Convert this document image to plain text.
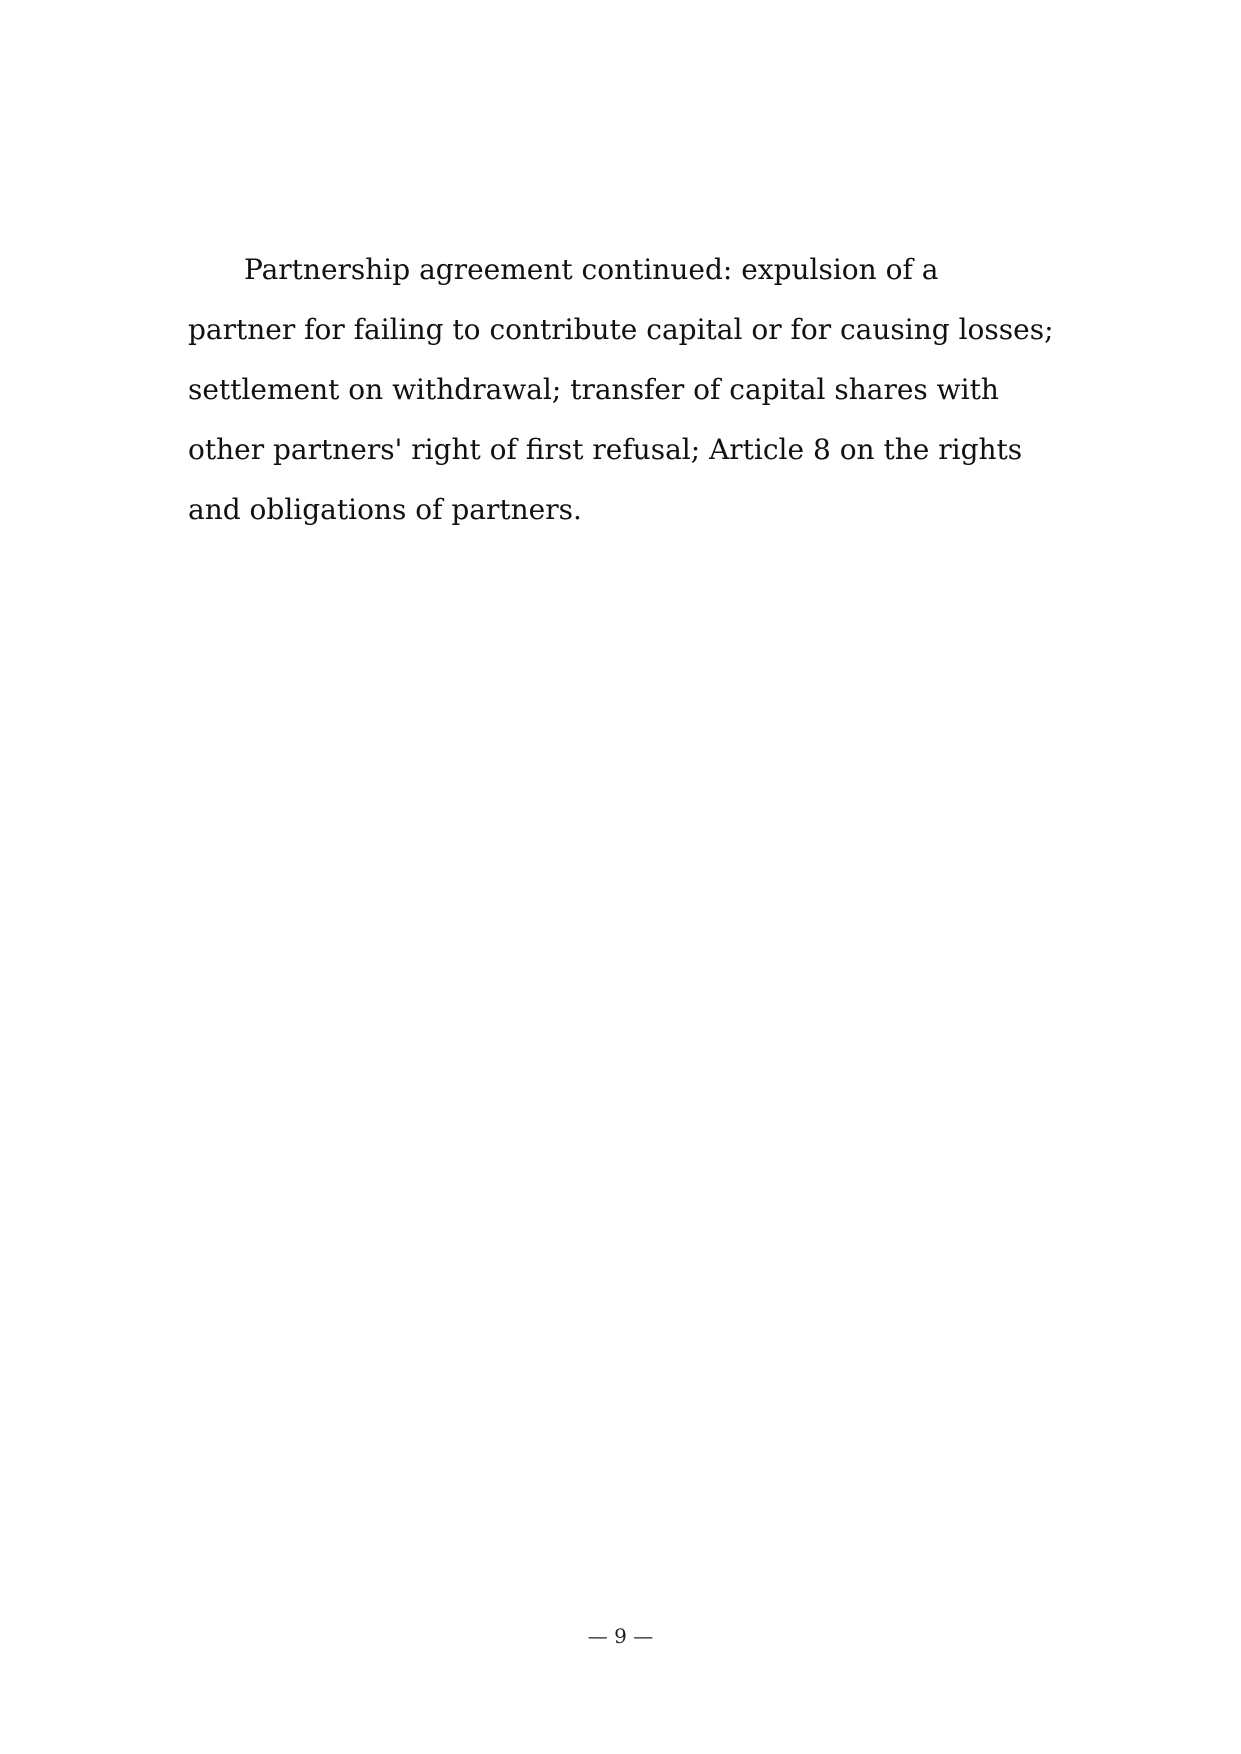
Partnership agreement continued: expulsion of a partner for failing to contribute capital or for causing losses; settlement on withdrawal; transfer of capital shares with other partners' right of first refusal; Article 8 on the rights and obligations of partners.

— 9 —
